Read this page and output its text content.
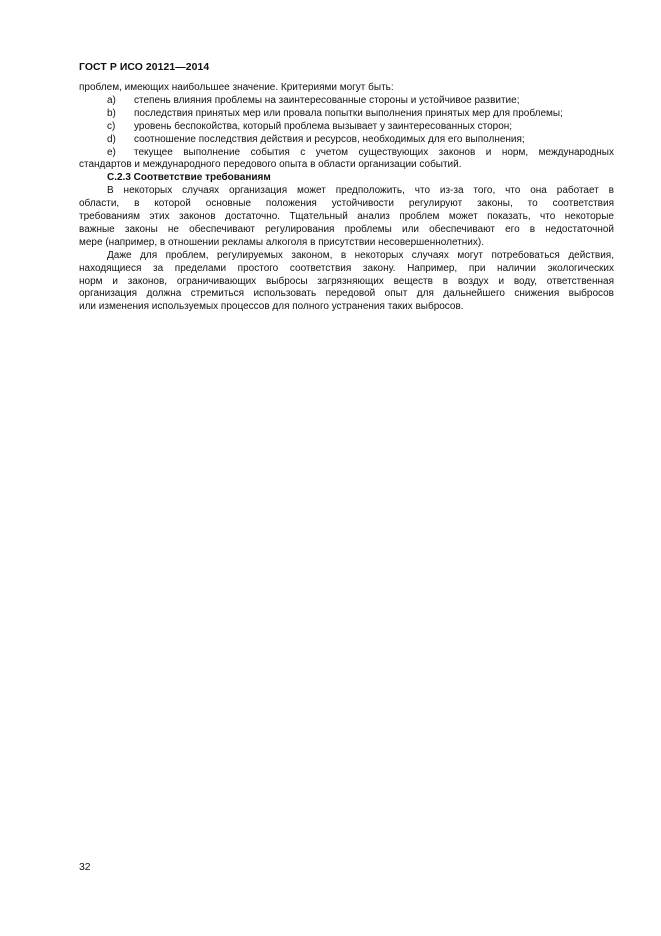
ГОСТ Р ИСО 20121—2014
проблем, имеющих наибольшее значение. Критериями могут быть:
a)	степень влияния проблемы на заинтересованные стороны и устойчивое развитие;
b)	последствия принятых мер или провала попытки выполнения принятых мер для проблемы;
c)	уровень беспокойства, который проблема вызывает у заинтересованных сторон;
d)	соотношение последствия действия и ресурсов, необходимых для его выполнения;
e)	текущее выполнение события с учетом существующих законов и норм, международных
стандартов и международного передового опыта в области организации событий.
С.2.3 Соответствие требованиям
В некоторых случаях организация может предположить, что из-за того, что она работает в
области, в которой основные положения устойчивости регулируют законы, то соответствия
требованиям этих законов достаточно. Тщательный анализ проблем может показать, что некоторые
важные законы не обеспечивают регулирования проблемы или обеспечивают его в недостаточной
мере (например, в отношении рекламы алкоголя в присутствии несовершеннолетних).
Даже для проблем, регулируемых законом, в некоторых случаях могут потребоваться действия,
находящиеся за пределами простого соответствия закону. Например, при наличии экологических
норм и законов, ограничивающих выбросы загрязняющих веществ в воздух и воду, ответственная
организация должна стремиться использовать передовой опыт для дальнейшего снижения выбросов
или изменения используемых процессов для полного устранения таких выбросов.
32
